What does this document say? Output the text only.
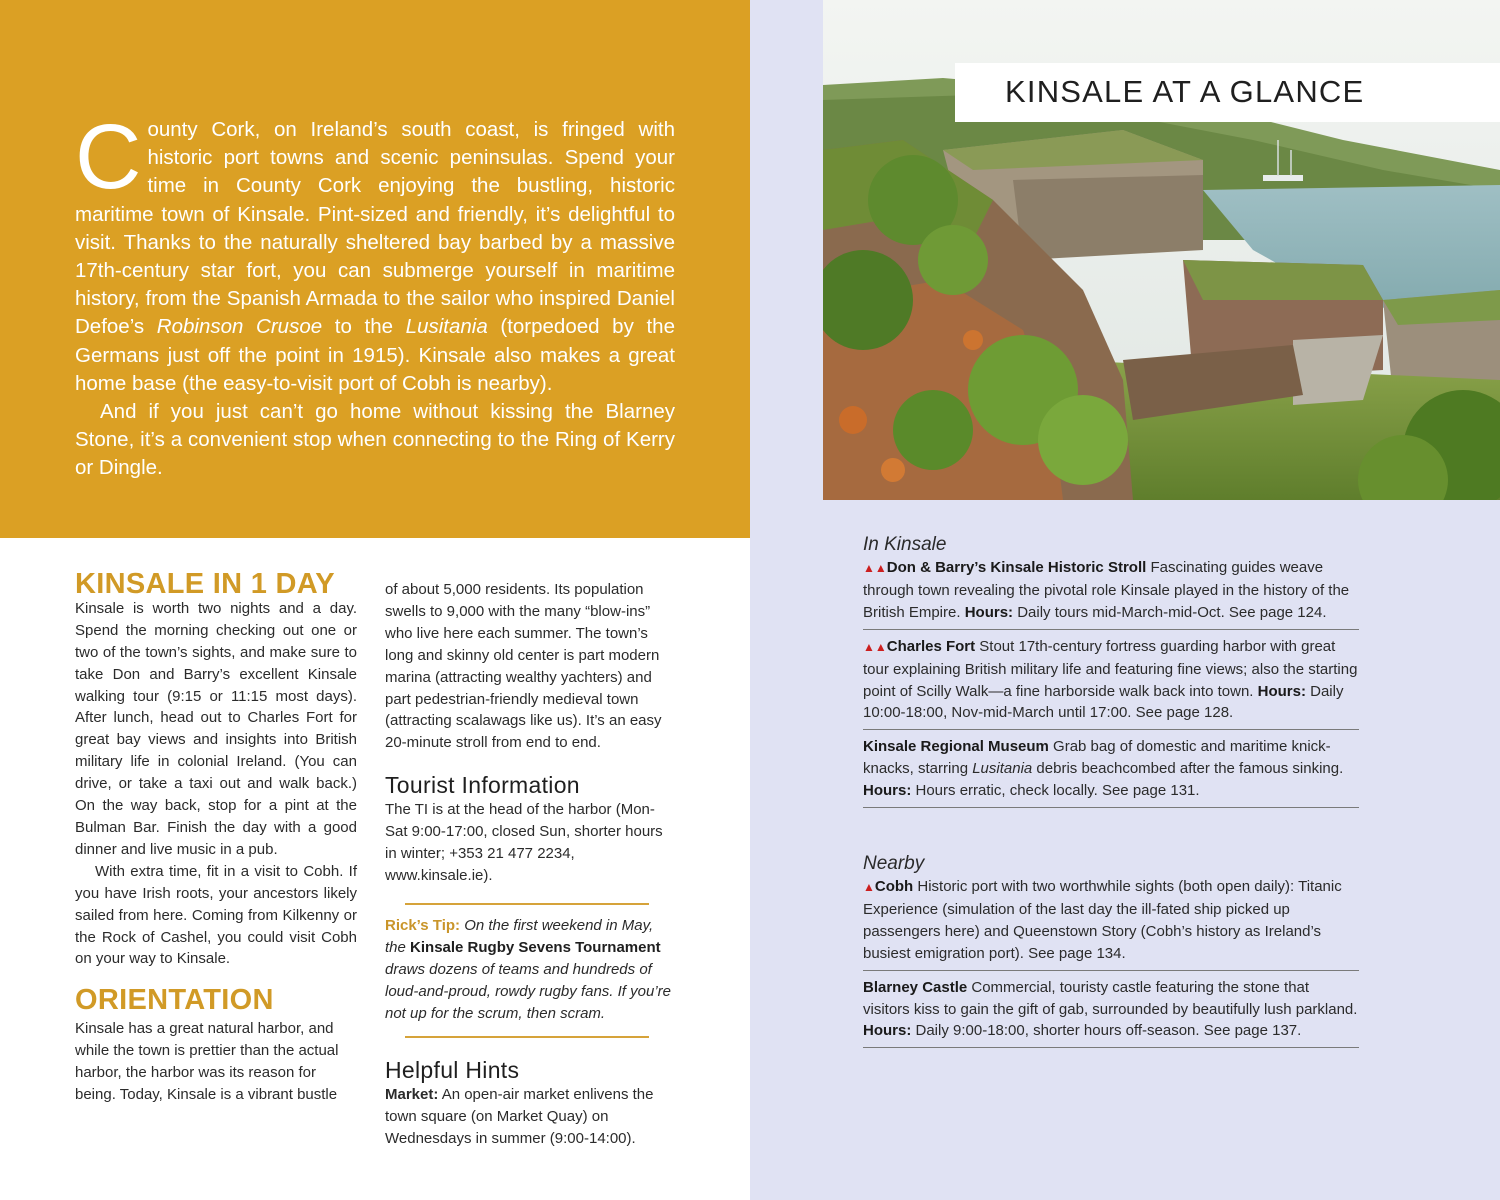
County Cork, on Ireland’s south coast, is fringed with historic port towns and scenic peninsulas. Spend your time in County Cork enjoying the bustling, historic maritime town of Kinsale. Pint-sized and friendly, it’s delightful to visit. Thanks to the naturally sheltered bay barbed by a massive 17th-century star fort, you can submerge yourself in maritime history, from the Spanish Armada to the sailor who inspired Daniel Defoe’s Robinson Crusoe to the Lusitania (torpedoed by the Germans just off the point in 1915). Kinsale also makes a great home base (the easy-to-visit port of Cobh is nearby).

And if you just can’t go home without kissing the Blarney Stone, it’s a convenient stop when connecting to the Ring of Kerry or Dingle.

KINSALE IN 1 DAY

Kinsale is worth two nights and a day. Spend the morning checking out one or two of the town’s sights, and make sure to take Don and Barry’s excellent Kinsale walking tour (9:15 or 11:15 most days). After lunch, head out to Charles Fort for great bay views and insights into British military life in colonial Ireland. (You can drive, or take a taxi out and walk back.) On the way back, stop for a pint at the Bulman Bar. Finish the day with a good dinner and live music in a pub.

With extra time, fit in a visit to Cobh. If you have Irish roots, your ancestors likely sailed from here. Coming from Kilkenny or the Rock of Cashel, you could visit Cobh on your way to Kinsale.

ORIENTATION

Kinsale has a great natural harbor, and while the town is prettier than the actual harbor, the harbor was its reason for being. Today, Kinsale is a vibrant bustle

of about 5,000 residents. Its population swells to 9,000 with the many “blow-ins” who live here each summer. The town’s long and skinny old center is part modern marina (attracting wealthy yachters) and part pedestrian-friendly medieval town (attracting scalawags like us). It’s an easy 20-minute stroll from end to end.

Tourist Information

The TI is at the head of the harbor (Mon-Sat 9:00-17:00, closed Sun, shorter hours in winter; +353 21 477 2234, www.kinsale.ie).

Rick’s Tip: On the first weekend in May, the Kinsale Rugby Sevens Tournament draws dozens of teams and hundreds of loud-and-proud, rowdy rugby fans. If you’re not up for the scrum, then scram.

Helpful Hints

Market: An open-air market enlivens the town square (on Market Quay) on Wednesdays in summer (9:00-14:00).

KINSALE AT A GLANCE
In Kinsale
▲▲Don & Barry’s Kinsale Historic Stroll Fascinating guides weave through town revealing the pivotal role Kinsale played in the history of the British Empire. Hours: Daily tours mid-March-mid-Oct. See page 124.
▲▲Charles Fort Stout 17th-century fortress guarding harbor with great tour explaining British military life and featuring fine views; also the starting point of Scilly Walk—a fine harborside walk back into town. Hours: Daily 10:00-18:00, Nov-mid-March until 17:00. See page 128.
Kinsale Regional Museum Grab bag of domestic and maritime knick-knacks, starring Lusitania debris beachcombed after the famous sinking. Hours: Hours erratic, check locally. See page 131.
Nearby
▲Cobh Historic port with two worthwhile sights (both open daily): Titanic Experience (simulation of the last day the ill-fated ship picked up passengers here) and Queenstown Story (Cobh’s history as Ireland’s busiest emigration port). See page 134.
Blarney Castle Commercial, touristy castle featuring the stone that visitors kiss to gain the gift of gab, surrounded by beautifully lush parkland. Hours: Daily 9:00-18:00, shorter hours off-season. See page 137.
